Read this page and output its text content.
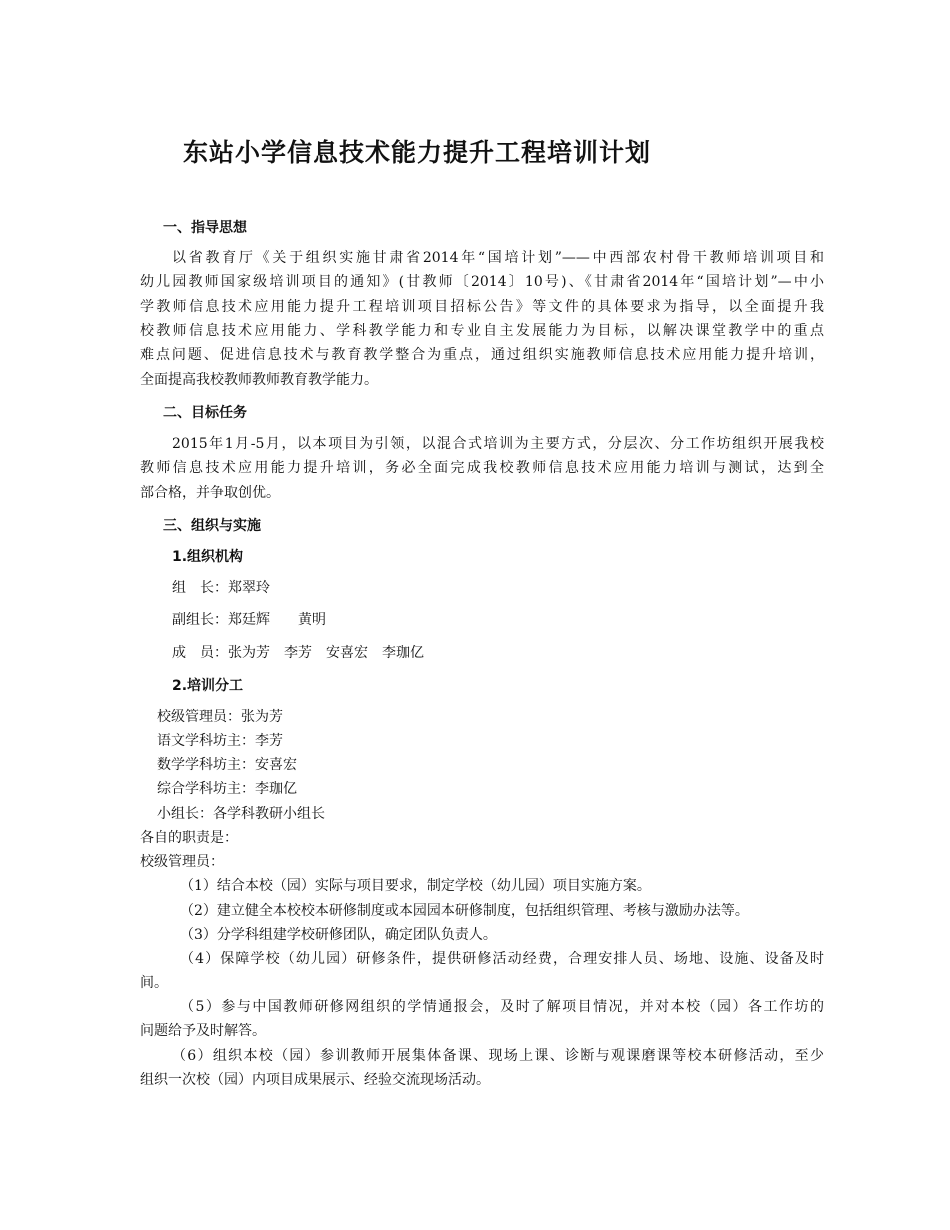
东站小学信息技术能力提升工程培训计划
一、指导思想
以省教育厅《关于组织实施甘肃省2014年“国培计划”——中西部农村骨干教师培训项目和
幼儿园教师国家级培训项目的通知》(甘教师〔2014〕10号)、《甘肃省2014年“国培计划”—中小
学教师信息技术应用能力提升工程培训项目招标公告》等文件的具体要求为指导，以全面提升我
校教师信息技术应用能力、学科教学能力和专业自主发展能力为目标，以解决课堂教学中的重点
难点问题、促进信息技术与教育教学整合为重点，通过组织实施教师信息技术应用能力提升培训，
全面提高我校教师教师教育教学能力。
二、目标任务
2015年1月-5月，以本项目为引领，以混合式培训为主要方式，分层次、分工作坊组织开展我校
教师信息技术应用能力提升培训，务必全面完成我校教师信息技术应用能力培训与测试，达到全
部合格，并争取创优。
三、组织与实施
1.组织机构
组　长：郑翠玲
副组长：郑廷辉　　黄明
成　员：张为芳　李芳　安喜宏　李珈亿
2.培训分工
校级管理员：张为芳
语文学科坊主：李芳
数学学科坊主：安喜宏
综合学科坊主：李珈亿
小组长：各学科教研小组长
各自的职责是：
校级管理员：
（1）结合本校（园）实际与项目要求，制定学校（幼儿园）项目实施方案。
（2）建立健全本校校本研修制度或本园园本研修制度，包括组织管理、考核与激励办法等。
（3）分学科组建学校研修团队，确定团队负责人。
（4）保障学校（幼儿园）研修条件，提供研修活动经费，合理安排人员、场地、设施、设备及时
间。
（5）参与中国教师研修网组织的学情通报会，及时了解项目情况，并对本校（园）各工作坊的
问题给予及时解答。
（6）组织本校（园）参训教师开展集体备课、现场上课、诊断与观课磨课等校本研修活动，至少
组织一次校（园）内项目成果展示、经验交流现场活动。
